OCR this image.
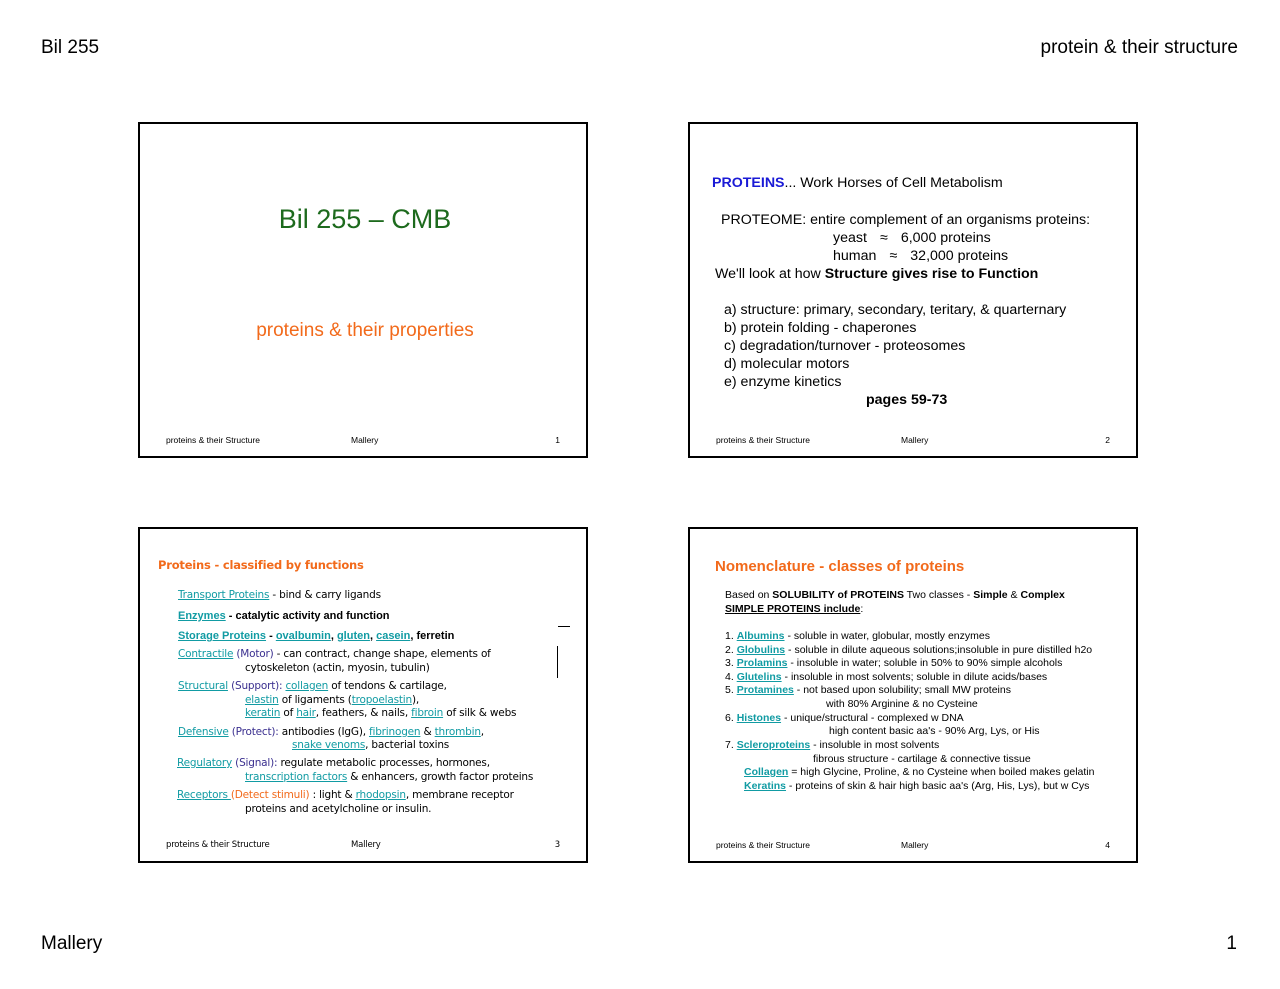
Bil 255	protein & their structure
Mallery	1
Bil 255 – CMB
proteins & their properties
proteins & their Structure	Mallery	1
PROTEINS... Work Horses of Cell Metabolism
PROTEOME: entire complement of an organisms proteins:
yeast ≈ 6,000 proteins
human ≈ 32,000 proteins
We'll look at how Structure gives rise to Function
a) structure: primary, secondary, teritary, & quarternary
b) protein folding - chaperones
c) degradation/turnover - proteosomes
d) molecular motors
e) enzyme kinetics
pages 59-73
proteins & their Structure	Mallery	2
Proteins - classified by functions
Transport Proteins - bind & carry ligands
Enzymes - catalytic activity and function
Storage Proteins - ovalbumin, gluten, casein, ferretin
Contractile (Motor) - can contract, change shape, elements of
cytoskeleton (actin, myosin, tubulin)
Structural (Support): collagen of tendons & cartilage,
elastin of ligaments (tropoelastin),
keratin of hair, feathers, & nails, fibroin of silk & webs
Defensive (Protect): antibodies (IgG), fibrinogen & thrombin,
snake venoms, bacterial toxins
Regulatory (Signal): regulate metabolic processes, hormones,
transcription factors & enhancers, growth factor proteins
Receptors (Detect stimuli) : light & rhodopsin, membrane receptor
proteins and acetylcholine or insulin.
proteins & their Structure	Mallery	3
Nomenclature - classes of proteins
Based on SOLUBILITY of PROTEINS Two classes - Simple & Complex
SIMPLE PROTEINS include:
1. Albumins - soluble in water, globular, mostly enzymes
2. Globulins - soluble in dilute aqueous solutions;insoluble in pure distilled h2o
3. Prolamins - insoluble in water; soluble in 50% to 90% simple alcohols
4. Glutelins - insoluble in most solvents; soluble in dilute acids/bases
5. Protamines - not based upon solubility; small MW proteins
with 80% Arginine & no Cysteine
6. Histones - unique/structural - complexed w DNA
high content basic aa's - 90% Arg, Lys, or His
7. Scleroproteins - insoluble in most solvents
fibrous structure - cartilage & connective tissue
Collagen = high Glycine, Proline, & no Cysteine when boiled makes gelatin
Keratins - proteins of skin & hair high basic aa's (Arg, His, Lys), but w Cys
proteins & their Structure	Mallery	4
